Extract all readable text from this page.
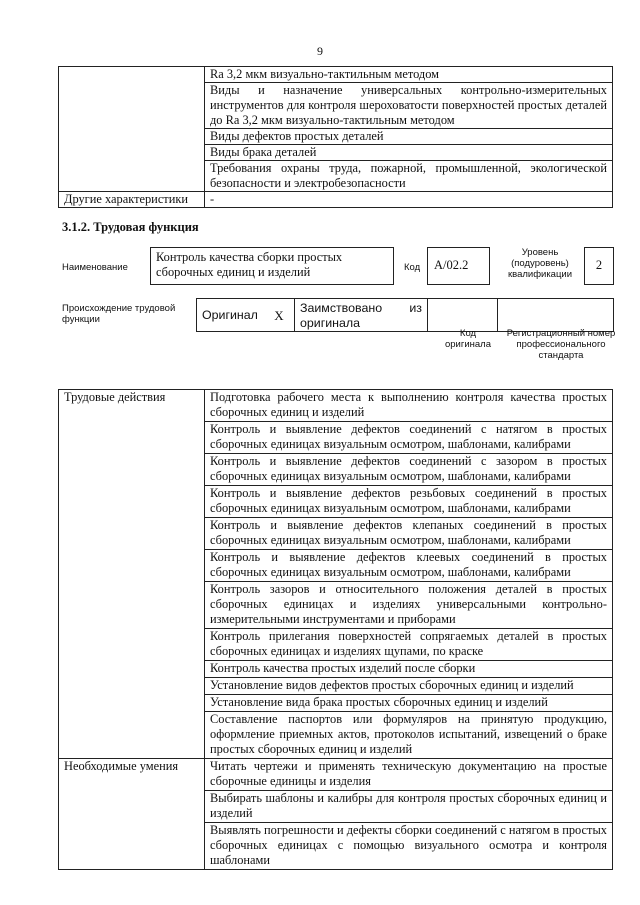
9
	Ra 3,2 мкм визуально-тактильным методом
	Виды и назначение универсальных контрольно-измерительных инструментов для контроля шероховатости поверхностей простых деталей до Ra 3,2 мкм визуально-тактильным методом
	Виды дефектов простых деталей
	Виды брака деталей
	Требования охраны труда, пожарной, промышленной, экологической безопасности и электробезопасности
Другие характеристики	-
3.1.2. Трудовая функция
Наименование
Контроль качества сборки простых сборочных единиц и изделий	Код	А/02.2
Уровень (подуровень) квалификации
2
Происхождение трудовой функции	Оригинал	Х	Заимствовано из оригинала		
Код оригинала
Регистрационный номер профессионального стандарта
Трудовые действия	Подготовка рабочего места к выполнению контроля качества простых сборочных единиц и изделий
	Контроль и выявление дефектов соединений с натягом в простых сборочных единицах визуальным осмотром, шаблонами, калибрами
	Контроль и выявление дефектов соединений с зазором в простых сборочных единицах визуальным осмотром, шаблонами, калибрами
	Контроль и выявление дефектов резьбовых соединений в простых сборочных единицах визуальным осмотром, шаблонами, калибрами
	Контроль и выявление дефектов клепаных соединений в простых сборочных единицах визуальным осмотром, шаблонами, калибрами
	Контроль и выявление дефектов клеевых соединений в простых сборочных единицах визуальным осмотром, шаблонами, калибрами
	Контроль зазоров и относительного положения деталей в простых сборочных единицах и изделиях универсальными контрольно-измерительными инструментами и приборами
	Контроль прилегания поверхностей сопрягаемых деталей в простых сборочных единицах и изделиях щупами, по краске
	Контроль качества простых изделий после сборки
	Установление видов дефектов простых сборочных единиц и изделий
	Установление вида брака простых сборочных единиц и изделий
	Составление паспортов или формуляров на принятую продукцию, оформление приемных актов, протоколов испытаний, извещений о браке простых сборочных единиц и изделий
Необходимые умения	Читать чертежи и применять техническую документацию на простые сборочные единицы и изделия
	Выбирать шаблоны и калибры для контроля простых сборочных единиц и изделий
	Выявлять погрешности и дефекты сборки соединений с натягом в простых сборочных единицах с помощью визуального осмотра и контроля шаблонами
